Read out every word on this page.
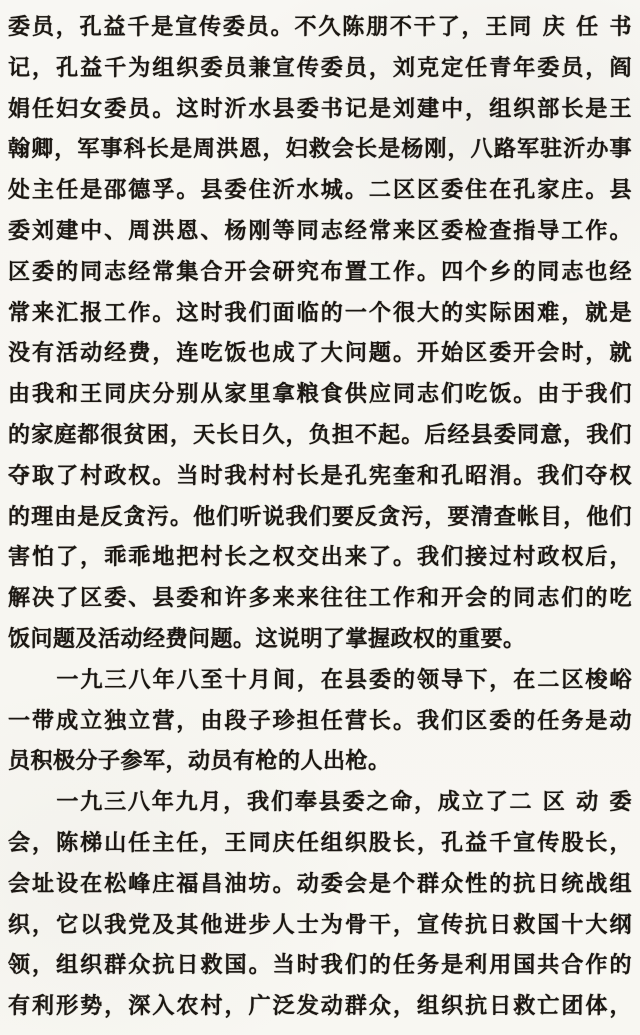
委员，孔益千是宣传委员。不久陈朋不干了，王同 庆 任 书
记，孔益千为组织委员兼宣传委员，刘克定任青年委员，阎
娟任妇女委员。这时沂水县委书记是刘建中，组织部长是王
翰卿，军事科长是周洪恩，妇救会长是杨刚，八路军驻沂办事
处主任是邵德孚。县委住沂水城。二区区委住在孔家庄。县
委刘建中、周洪恩、杨刚等同志经常来区委检查指导工作。
区委的同志经常集合开会研究布置工作。四个乡的同志也经
常来汇报工作。这时我们面临的一个很大的实际困难，就是
没有活动经费，连吃饭也成了大问题。开始区委开会时，就
由我和王同庆分别从家里拿粮食供应同志们吃饭。由于我们
的家庭都很贫困，天长日久，负担不起。后经县委同意，我们
夺取了村政权。当时我村村长是孔宪奎和孔昭涓。我们夺权
的理由是反贪污。他们听说我们要反贪污，要清查帐目，他们
害怕了，乖乖地把村长之权交出来了。我们接过村政权后，
解决了区委、县委和许多来来往往工作和开会的同志们的吃
饭问题及活动经费问题。这说明了掌握政权的重要。
一九三八年八至十月间，在县委的领导下，在二区梭峪
一带成立独立营，由段子珍担任营长。我们区委的任务是动
员积极分子参军，动员有枪的人出枪。
一九三八年九月，我们奉县委之命，成立了二 区 动 委
会，陈梯山任主任，王同庆任组织股长，孔益千宣传股长，
会址设在松峰庄福昌油坊。动委会是个群众性的抗日统战组
织，它以我党及其他进步人士为骨干，宣传抗日救国十大纲
领，组织群众抗日救国。当时我们的任务是利用国共合作的
有利形势，深入农村，广泛发动群众，组织抗日救亡团体，
